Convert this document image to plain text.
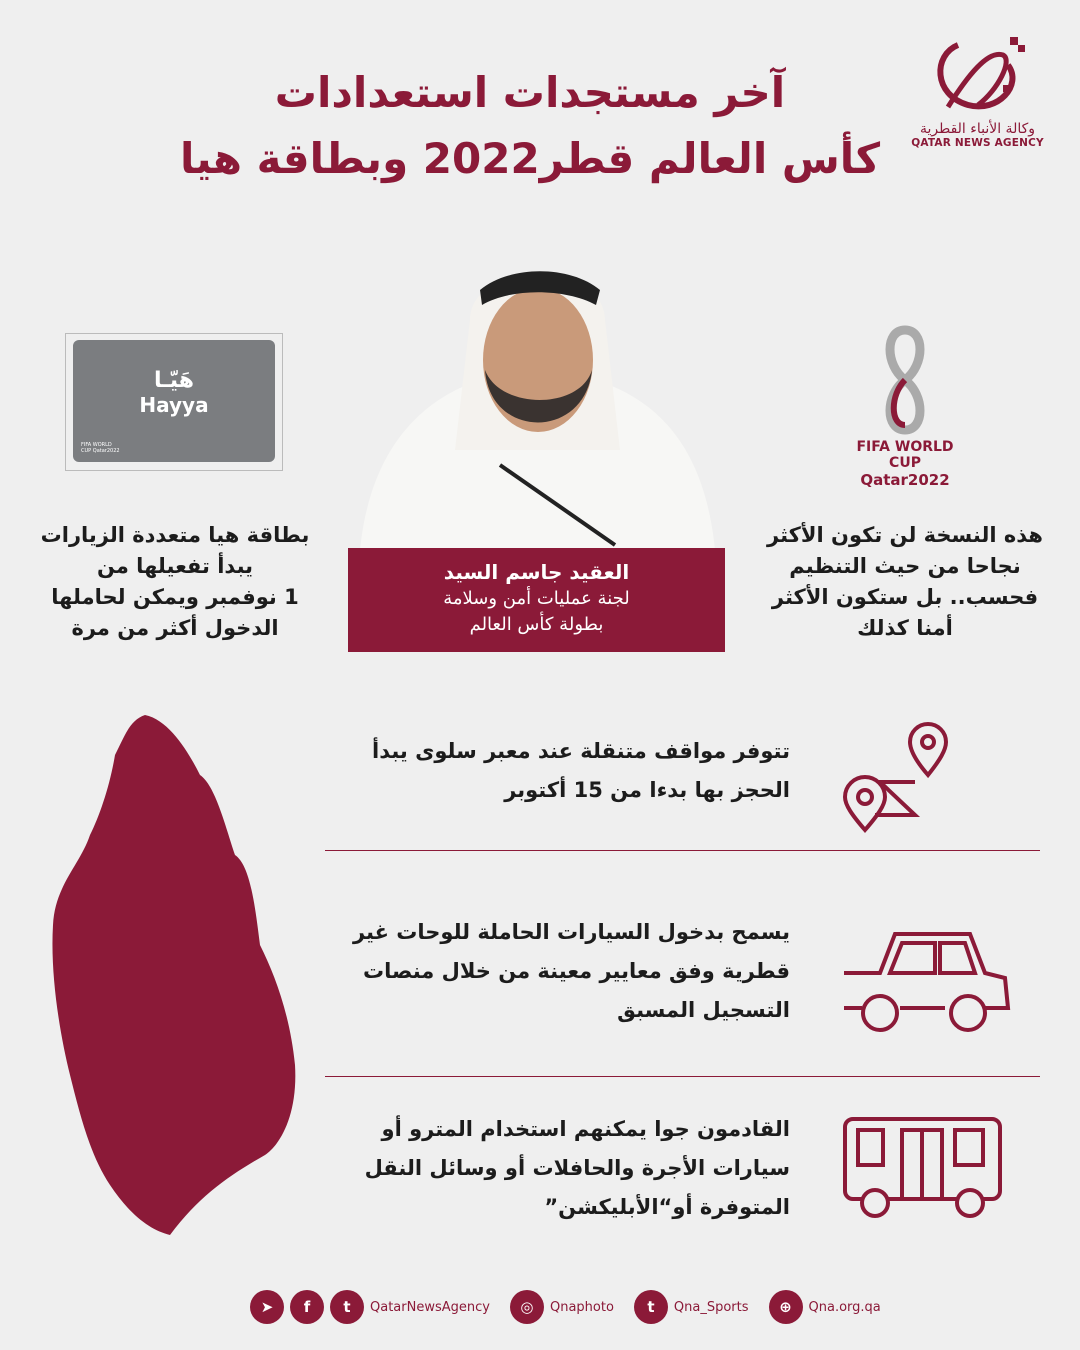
آخر مستجدات استعدادات
كأس العالم قطر2022 وبطاقة هيا
وكالة الأنباء القطرية
QATAR NEWS AGENCY
هَيّـا
Hayya
FIFA WORLD CUP Qatar2022
بطاقة هيا متعددة الزيارات
يبدأ تفعيلها من
1 نوفمبر ويمكن لحاملها
الدخول أكثر من مرة
العقيد جاسم السيد
لجنة عمليات أمن وسلامة
بطولة كأس العالم
FIFA WORLD CUP
Qatar2022
هذه النسخة لن تكون الأكثر
نجاحا من حيث التنظيم
فحسب.. بل ستكون الأكثر
أمنا كذلك
تتوفر مواقف متنقلة عند معبر سلوى يبدأ
الحجز بها بدءا من 15 أكتوبر
يسمح بدخول السيارات الحاملة للوحات غير
قطرية وفق معايير معينة من خلال منصات
التسجيل المسبق
القادمون جوا يمكنهم استخدام المترو أو
سيارات الأجرة والحافلات أو وسائل النقل
المتوفرة أو“الأبليكشن”
➤	f	t	QatarNewsAgency	◎	Qnaphoto	t	Qna_Sports	⊕	Qna.org.qa
